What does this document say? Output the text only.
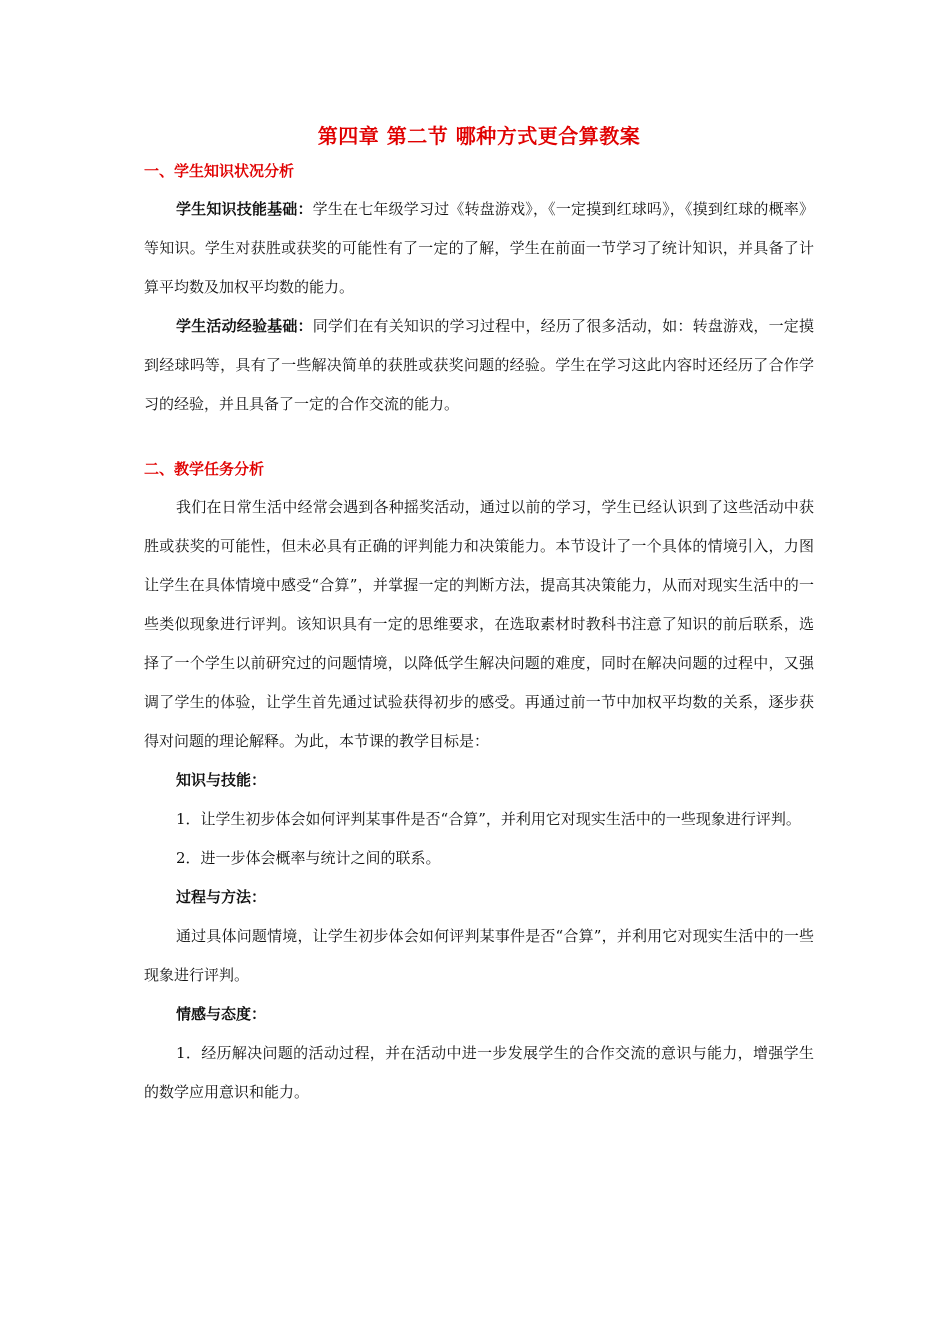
第四章 第二节 哪种方式更合算教案
一、学生知识状况分析

学生知识技能基础：学生在七年级学习过《转盘游戏》，《一定摸到红球吗》，《摸到红球的概率》等知识。学生对获胜或获奖的可能性有了一定的了解，学生在前面一节学习了统计知识，并具备了计算平均数及加权平均数的能力。

学生活动经验基础：同学们在有关知识的学习过程中，经历了很多活动，如：转盘游戏，一定摸到经球吗等，具有了一些解决简单的获胜或获奖问题的经验。学生在学习这此内容时还经历了合作学习的经验，并且具备了一定的合作交流的能力。

二、教学任务分析

我们在日常生活中经常会遇到各种摇奖活动，通过以前的学习，学生已经认识到了这些活动中获胜或获奖的可能性，但未必具有正确的评判能力和决策能力。本节设计了一个具体的情境引入，力图让学生在具体情境中感受“合算”，并掌握一定的判断方法，提高其决策能力，从而对现实生活中的一些类似现象进行评判。该知识具有一定的思维要求，在选取素材时教科书注意了知识的前后联系，选择了一个学生以前研究过的问题情境，以降低学生解决问题的难度，同时在解决问题的过程中，又强调了学生的体验，让学生首先通过试验获得初步的感受。再通过前一节中加权平均数的关系，逐步获得对问题的理论解释。为此，本节课的教学目标是：

知识与技能：

1．让学生初步体会如何评判某事件是否“合算”，并利用它对现实生活中的一些现象进行评判。

2．进一步体会概率与统计之间的联系。

过程与方法：

通过具体问题情境，让学生初步体会如何评判某事件是否“合算”，并利用它对现实生活中的一些现象进行评判。

情感与态度：

1．经历解决问题的活动过程，并在活动中进一步发展学生的合作交流的意识与能力，增强学生的数学应用意识和能力。
